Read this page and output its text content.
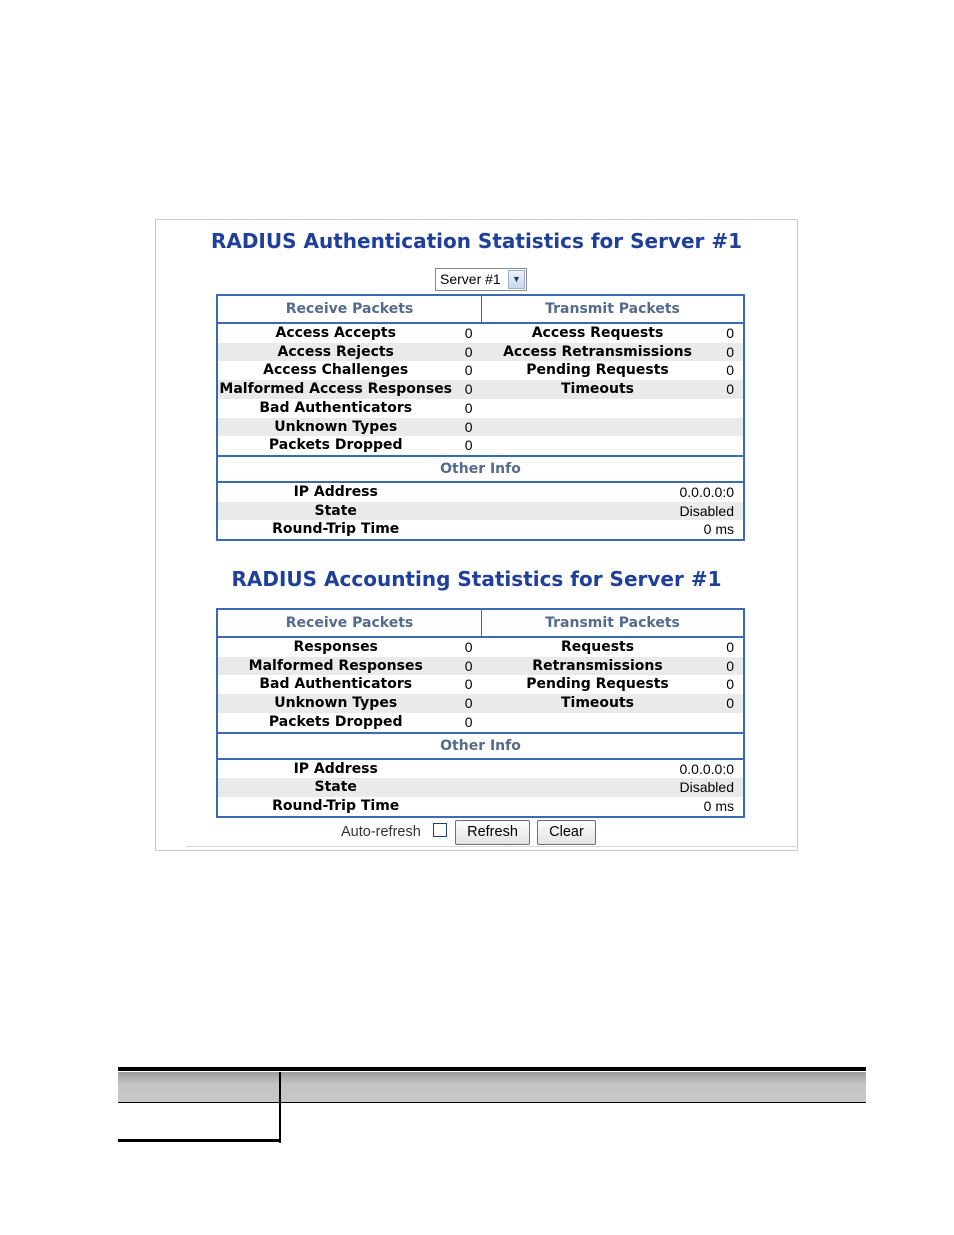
RADIUS Authentication Statistics for Server #1
Server #1	▼
Receive Packets		Transmit Packets	
Access Accepts	0	Access Requests	0
Access Rejects	0	Access Retransmissions	0
Access Challenges	0	Pending Requests	0
Malformed Access Responses	0	Timeouts	0
Bad Authenticators	0		
Unknown Types	0		
Packets Dropped	0		
Other Info			
IP Address		0.0.0.0:0	
State		Disabled	
Round-Trip Time		0 ms	
RADIUS Accounting Statistics for Server #1
Receive Packets		Transmit Packets	
Responses	0	Requests	0
Malformed Responses	0	Retransmissions	0
Bad Authenticators	0	Pending Requests	0
Unknown Types	0	Timeouts	0
Packets Dropped	0		
Other Info			
IP Address		0.0.0.0:0	
State		Disabled	
Round-Trip Time		0 ms	
Auto-refresh	Refresh	Clear
